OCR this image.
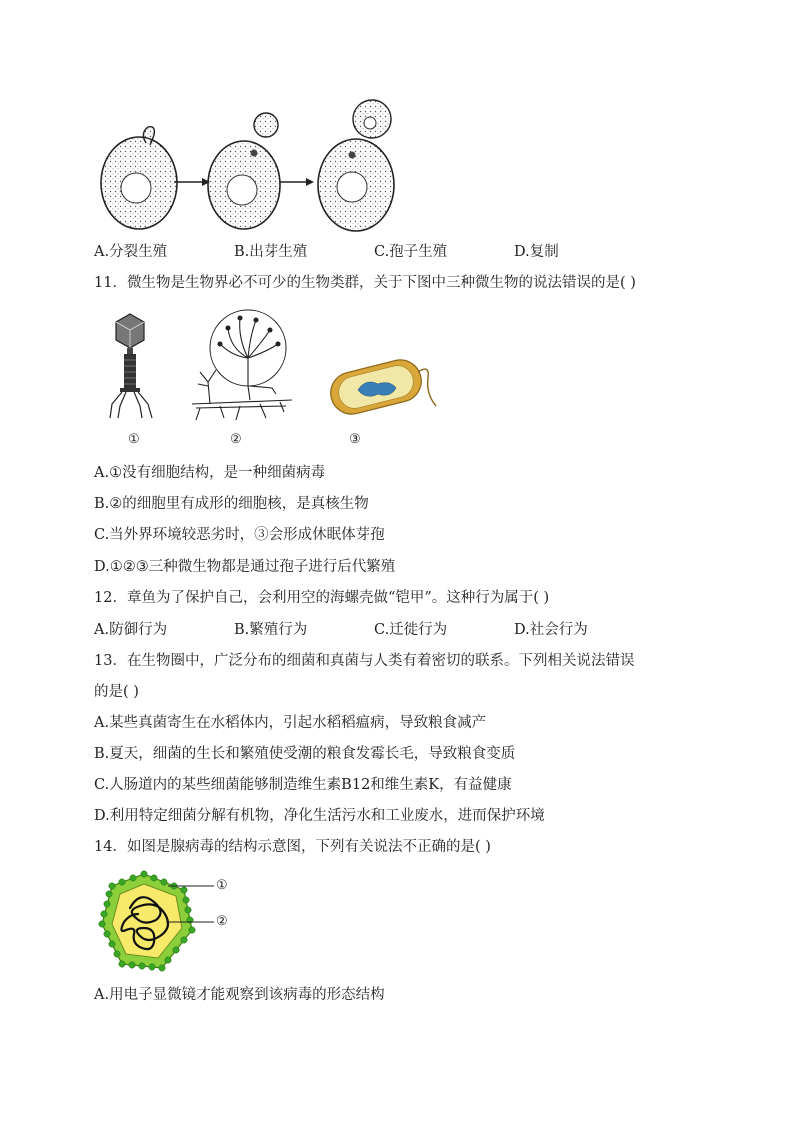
A.分裂生殖	B.出芽生殖	C.孢子生殖	D.复制
11．微生物是生物界必不可少的生物类群，关于下图中三种微生物的说法错误的是( )
①	②	③
A.①没有细胞结构，是一种细菌病毒
B.②的细胞里有成形的细胞核，是真核生物
C.当外界环境较恶劣时，③会形成休眠体芽孢
D.①②③三种微生物都是通过孢子进行后代繁殖
12．章鱼为了保护自己，会利用空的海螺壳做“铠甲”。这种行为属于( )
A.防御行为	B.繁殖行为	C.迁徙行为	D.社会行为
13．在生物圈中，广泛分布的细菌和真菌与人类有着密切的联系。下列相关说法错误
的是( )
A.某些真菌寄生在水稻体内，引起水稻稻瘟病，导致粮食减产
B.夏天，细菌的生长和繁殖使受潮的粮食发霉长毛，导致粮食变质
C.人肠道内的某些细菌能够制造维生素B12和维生素K，有益健康
D.利用特定细菌分解有机物，净化生活污水和工业废水，进而保护环境
14．如图是腺病毒的结构示意图，下列有关说法不正确的是( )
①
②
A.用电子显微镜才能观察到该病毒的形态结构
